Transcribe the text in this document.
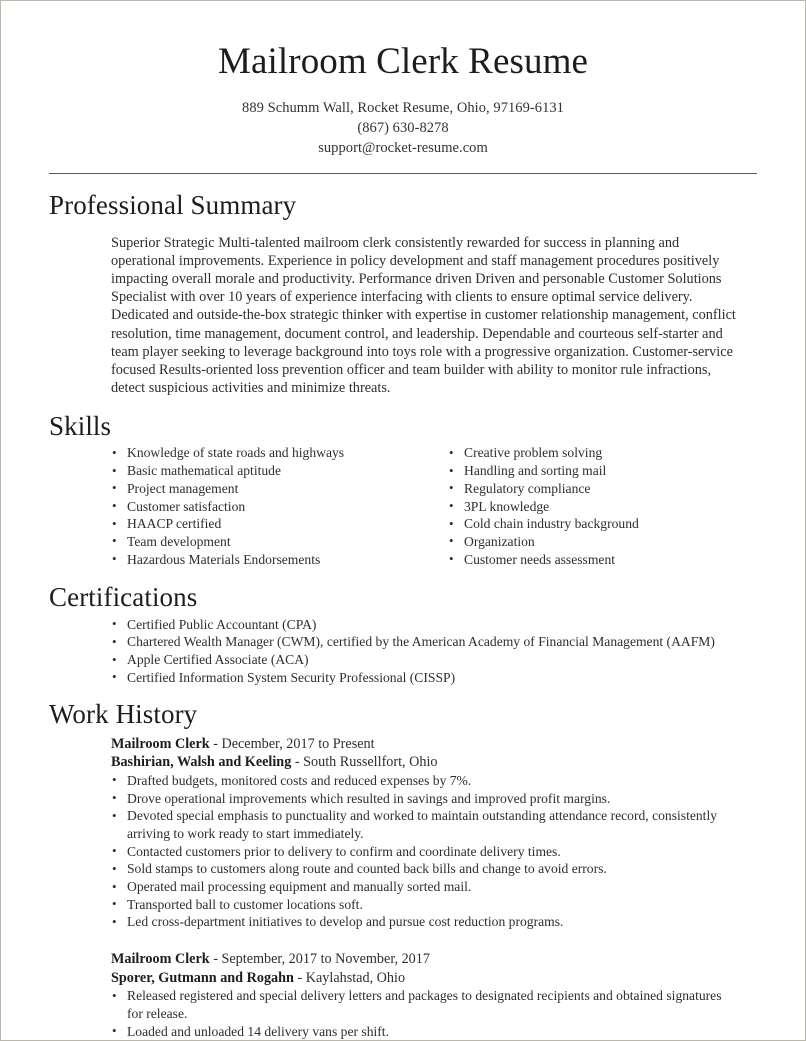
Mailroom Clerk Resume
889 Schumm Wall, Rocket Resume, Ohio, 97169-6131
(867) 630-8278
support@rocket-resume.com
Professional Summary

Superior Strategic Multi-talented mailroom clerk consistently rewarded for success in planning and operational improvements. Experience in policy development and staff management procedures positively impacting overall morale and productivity. Performance driven Driven and personable Customer Solutions Specialist with over 10 years of experience interfacing with clients to ensure optimal service delivery. Dedicated and outside-the-box strategic thinker with expertise in customer relationship management, conflict resolution, time management, document control, and leadership. Dependable and courteous self-starter and team player seeking to leverage background into toys role with a progressive organization. Customer-service focused Results-oriented loss prevention officer and team builder with ability to monitor rule infractions, detect suspicious activities and minimize threats.

Skills
• Knowledge of state roads and highways
• Basic mathematical aptitude
• Project management
• Customer satisfaction
• HAACP certified
• Team development
• Hazardous Materials Endorsements
• Creative problem solving
• Handling and sorting mail
• Regulatory compliance
• 3PL knowledge
• Cold chain industry background
• Organization
• Customer needs assessment
Certifications
• Certified Public Accountant (CPA)
• Chartered Wealth Manager (CWM), certified by the American Academy of Financial Management (AAFM)
• Apple Certified Associate (ACA)
• Certified Information System Security Professional (CISSP)
Work History
Mailroom Clerk - December, 2017 to Present
Bashirian, Walsh and Keeling - South Russellfort, Ohio
• Drafted budgets, monitored costs and reduced expenses by 7%.
• Drove operational improvements which resulted in savings and improved profit margins.
• Devoted special emphasis to punctuality and worked to maintain outstanding attendance record, consistently arriving to work ready to start immediately.
• Contacted customers prior to delivery to confirm and coordinate delivery times.
• Sold stamps to customers along route and counted back bills and change to avoid errors.
• Operated mail processing equipment and manually sorted mail.
• Transported ball to customer locations soft.
• Led cross-department initiatives to develop and pursue cost reduction programs.
Mailroom Clerk - September, 2017 to November, 2017
Sporer, Gutmann and Rogahn - Kaylahstad, Ohio
• Released registered and special delivery letters and packages to designated recipients and obtained signatures for release.
• Loaded and unloaded 14 delivery vans per shift.
